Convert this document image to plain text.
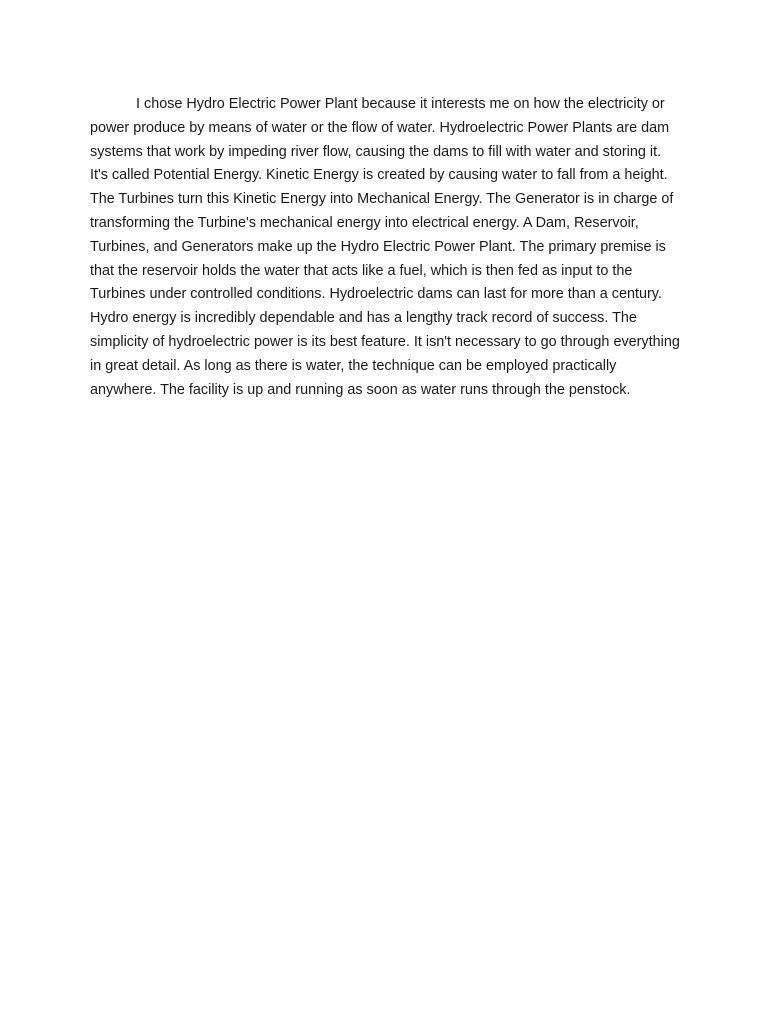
I chose Hydro Electric Power Plant because it interests me on how the electricity or power produce by means of water or the flow of water. Hydroelectric Power Plants are dam systems that work by impeding river flow, causing the dams to fill with water and storing it. It's called Potential Energy. Kinetic Energy is created by causing water to fall from a height. The Turbines turn this Kinetic Energy into Mechanical Energy. The Generator is in charge of transforming the Turbine's mechanical energy into electrical energy. A Dam, Reservoir, Turbines, and Generators make up the Hydro Electric Power Plant. The primary premise is that the reservoir holds the water that acts like a fuel, which is then fed as input to the Turbines under controlled conditions. Hydroelectric dams can last for more than a century. Hydro energy is incredibly dependable and has a lengthy track record of success. The simplicity of hydroelectric power is its best feature. It isn't necessary to go through everything in great detail. As long as there is water, the technique can be employed practically anywhere. The facility is up and running as soon as water runs through the penstock.
